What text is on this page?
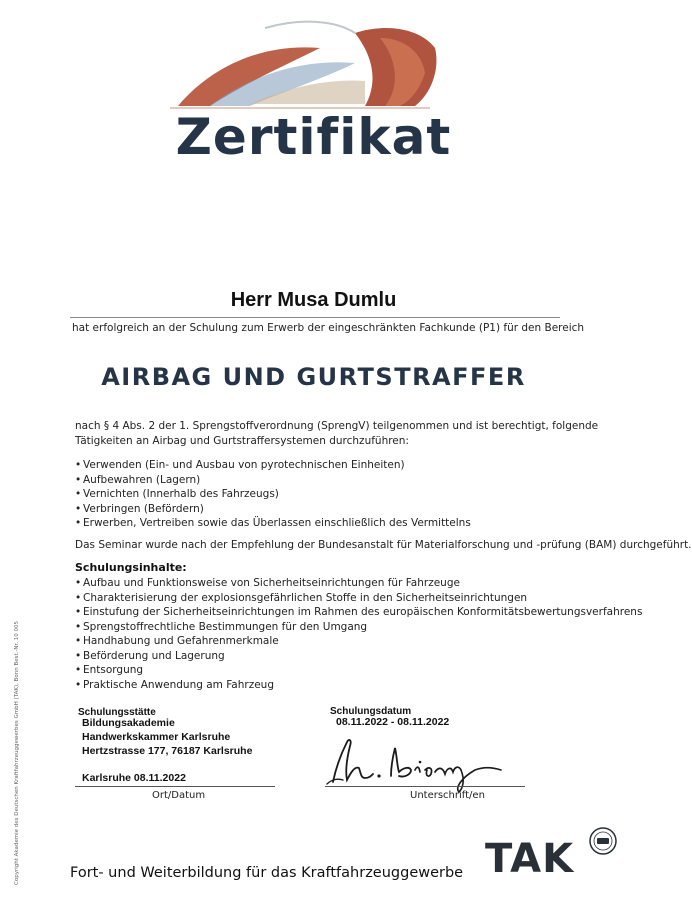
Zertifikat
Herr Musa Dumlu
hat erfolgreich an der Schulung zum Erwerb der eingeschränkten Fachkunde (P1) für den Bereich
AIRBAG UND GURTSTRAFFER
nach § 4 Abs. 2 der 1. Sprengstoffverordnung (SprengV) teilgenommen und ist berechtigt, folgende
Tätigkeiten an Airbag und Gurtstraffersystemen durchzuführen:
• Verwenden (Ein- und Ausbau von pyrotechnischen Einheiten)
• Aufbewahren (Lagern)
• Vernichten (Innerhalb des Fahrzeugs)
• Verbringen (Befördern)
• Erwerben, Vertreiben sowie das Überlassen einschließlich des Vermittelns
Das Seminar wurde nach der Empfehlung der Bundesanstalt für Materialforschung und -prüfung (BAM) durchgeführt.
Schulungsinhalte:
• Aufbau und Funktionsweise von Sicherheitseinrichtungen für Fahrzeuge
• Charakterisierung der explosionsgefährlichen Stoffe in den Sicherheitseinrichtungen
• Einstufung der Sicherheitseinrichtungen im Rahmen des europäischen Konformitätsbewertungsverfahrens
• Sprengstoffrechtliche Bestimmungen für den Umgang
• Handhabung und Gefahrenmerkmale
• Beförderung und Lagerung
• Entsorgung
• Praktische Anwendung am Fahrzeug
Schulungsstätte
Bildungsakademie
Handwerkskammer Karlsruhe
Hertzstrasse 177, 76187 Karlsruhe
Schulungsdatum
08.11.2022 - 08.11.2022
Karlsruhe 08.11.2022
Ort/Datum	Unterschrift/en
Copyright Akademie des Deutschen Kraftfahrzeuggewerbes GmbH (TAK), Bonn Best.-Nr. 10 005	Fort- und Weiterbildung für das Kraftfahrzeuggewerbe TAK
